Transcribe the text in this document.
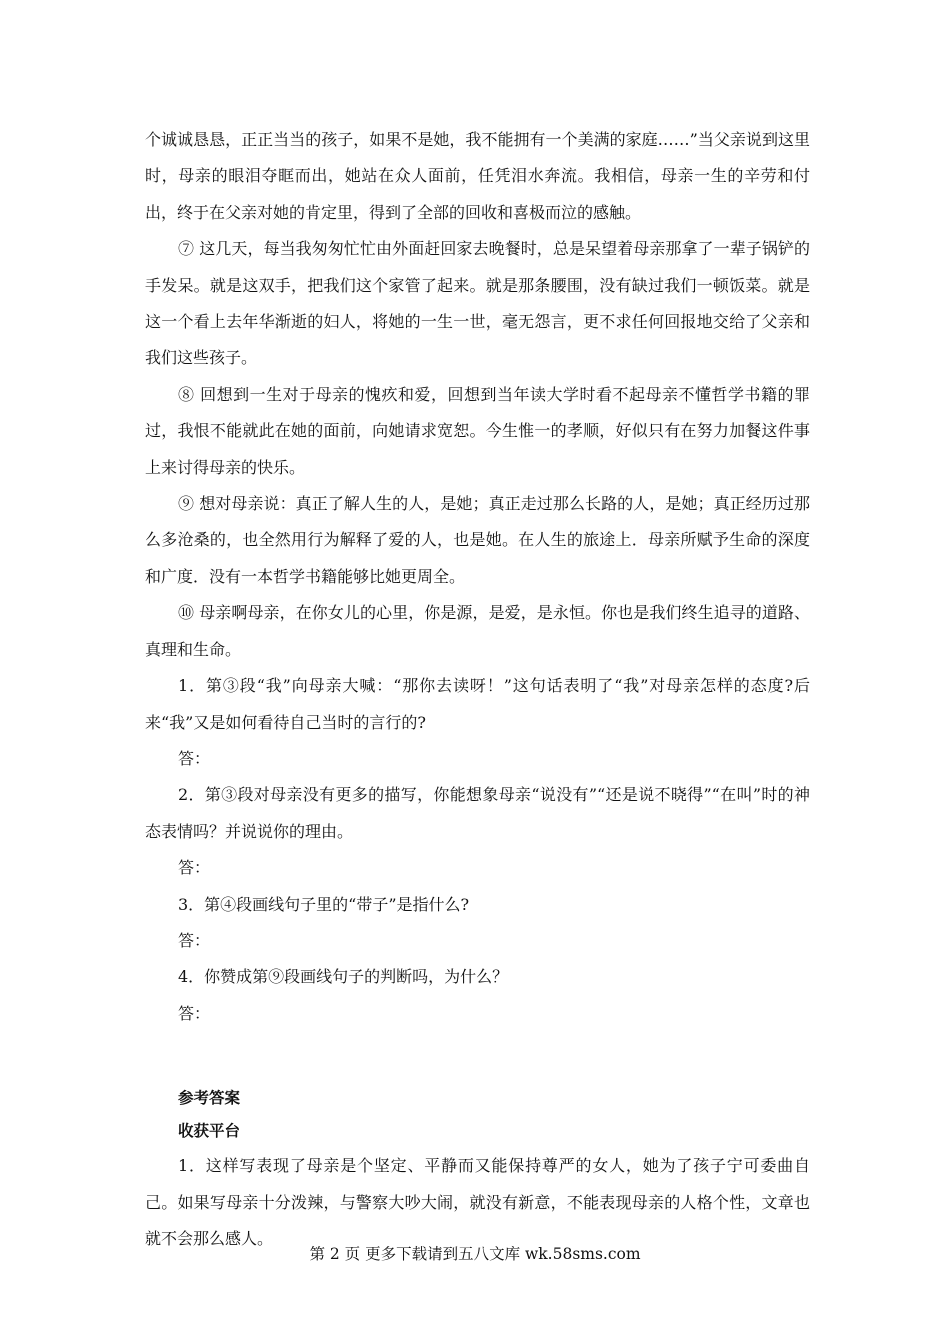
个诚诚恳恳，正正当当的孩子，如果不是她，我不能拥有一个美满的家庭……”当父亲说到这里时，母亲的眼泪夺眶而出，她站在众人面前，任凭泪水奔流。我相信，母亲一生的辛劳和付出，终于在父亲对她的肯定里，得到了全部的回收和喜极而泣的感触。

⑦ 这几天，每当我匆匆忙忙由外面赶回家去晚餐时，总是呆望着母亲那拿了一辈子锅铲的手发呆。就是这双手，把我们这个家管了起来。就是那条腰围，没有缺过我们一顿饭菜。就是这一个看上去年华渐逝的妇人，将她的一生一世，毫无怨言，更不求任何回报地交给了父亲和我们这些孩子。

⑧ 回想到一生对于母亲的愧疚和爱，回想到当年读大学时看不起母亲不懂哲学书籍的罪过，我恨不能就此在她的面前，向她请求宽恕。今生惟一的孝顺，好似只有在努力加餐这件事上来讨得母亲的快乐。

⑨ 想对母亲说：真正了解人生的人，是她；真正走过那么长路的人，是她；真正经历过那么多沧桑的，也全然用行为解释了爱的人，也是她。在人生的旅途上．母亲所赋予生命的深度和广度．没有一本哲学书籍能够比她更周全。

⑩ 母亲啊母亲，在你女儿的心里，你是源，是爱，是永恒。你也是我们终生追寻的道路、真理和生命。

1．第③段“我”向母亲大喊：“那你去读呀！”这句话表明了“我”对母亲怎样的态度?后来“我”又是如何看待自己当时的言行的?

答：

2．第③段对母亲没有更多的描写，你能想象母亲“说没有”“还是说不晓得”“在叫”时的神态表情吗？并说说你的理由。

答：

3．第④段画线句子里的“带子”是指什么?

答：

4．你赞成第⑨段画线句子的判断吗，为什么？

答：

参考答案

收获平台

1．这样写表现了母亲是个坚定、平静而又能保持尊严的女人，她为了孩子宁可委曲自己。如果写母亲十分泼辣，与警察大吵大闹，就没有新意，不能表现母亲的人格个性，文章也就不会那么感人。

第 2 页 更多下载请到五八文库 wk.58sms.com
